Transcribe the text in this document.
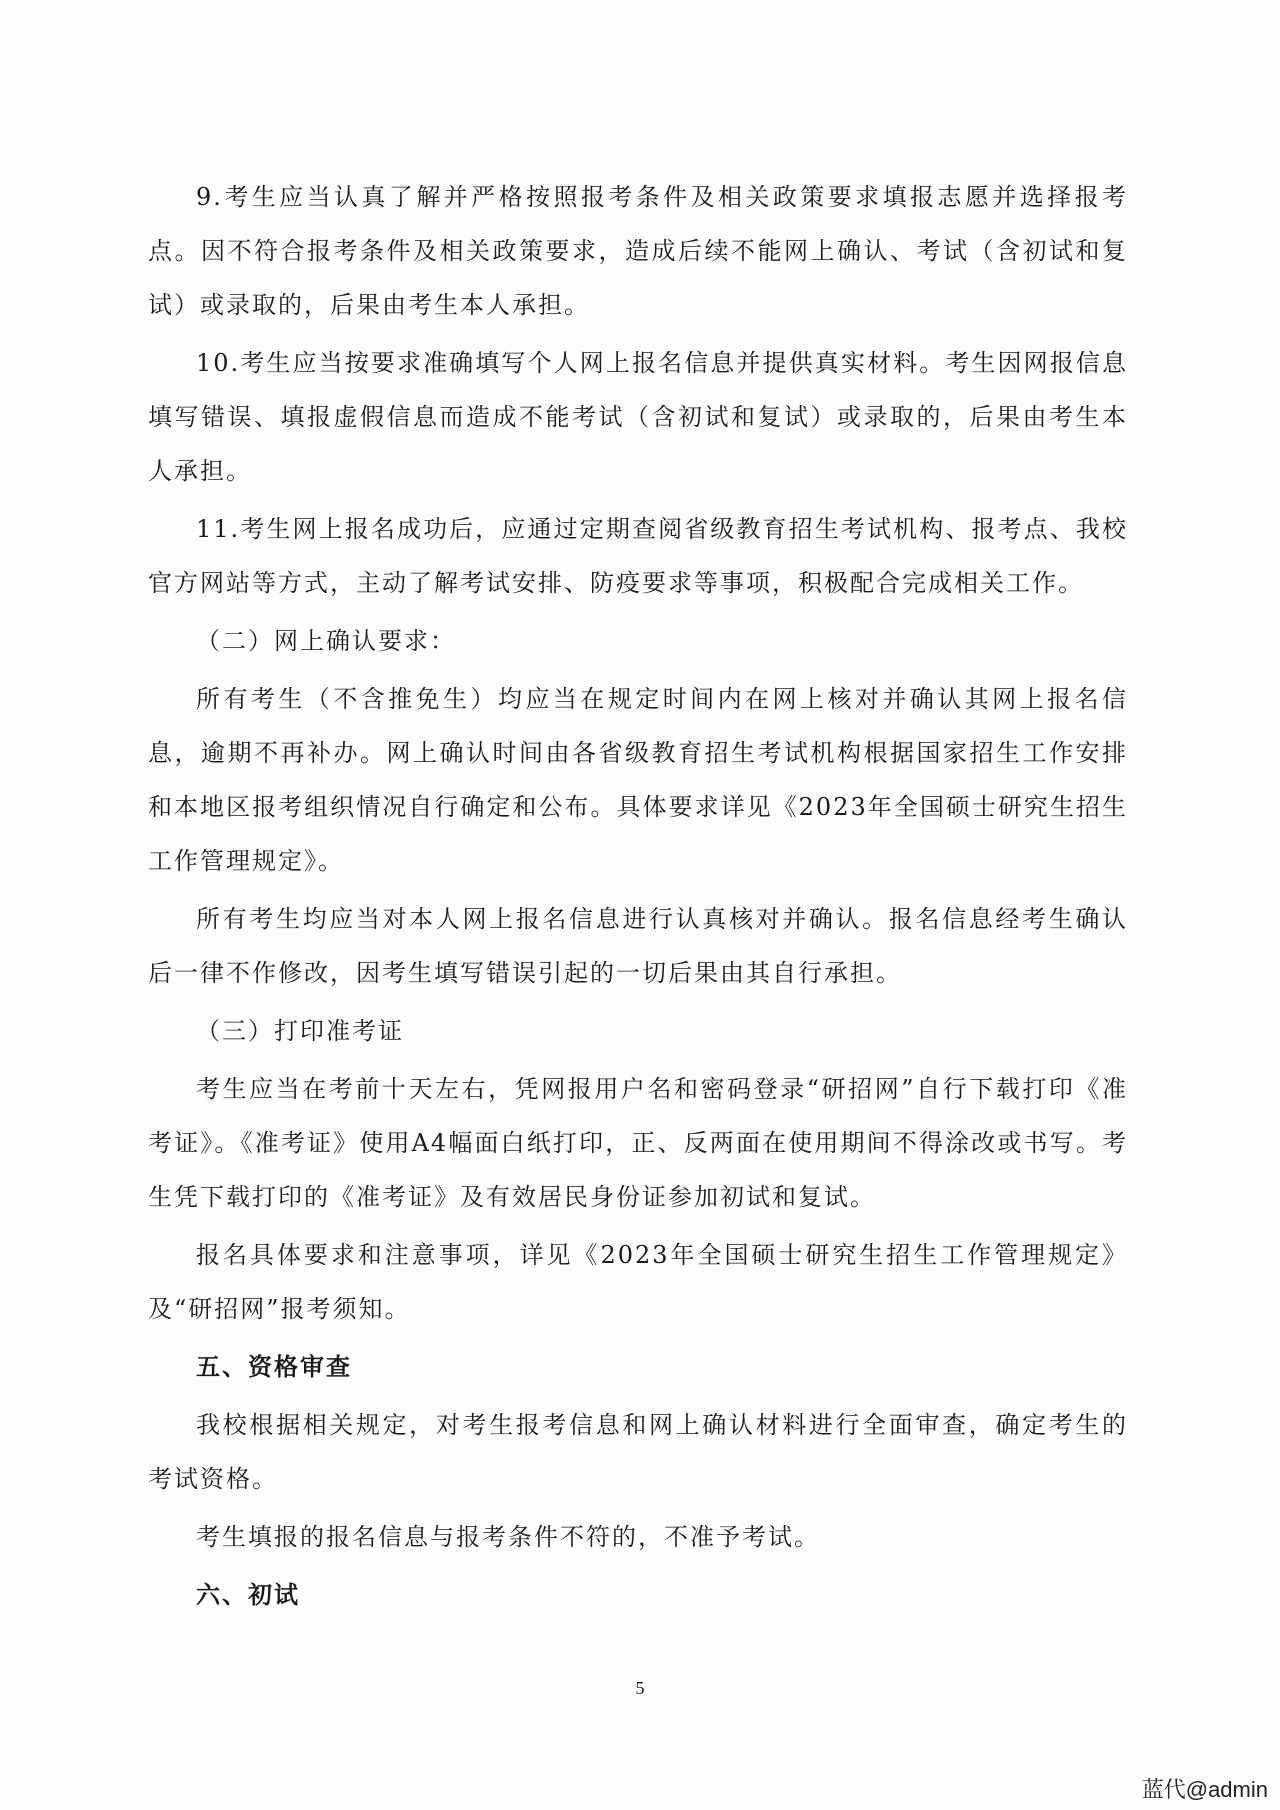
9.考生应当认真了解并严格按照报考条件及相关政策要求填报志愿并选择报考点。因不符合报考条件及相关政策要求，造成后续不能网上确认、考试（含初试和复试）或录取的，后果由考生本人承担。

10.考生应当按要求准确填写个人网上报名信息并提供真实材料。考生因网报信息填写错误、填报虚假信息而造成不能考试（含初试和复试）或录取的，后果由考生本人承担。

11.考生网上报名成功后，应通过定期查阅省级教育招生考试机构、报考点、我校官方网站等方式，主动了解考试安排、防疫要求等事项，积极配合完成相关工作。

（二）网上确认要求：

所有考生（不含推免生）均应当在规定时间内在网上核对并确认其网上报名信息，逾期不再补办。网上确认时间由各省级教育招生考试机构根据国家招生工作安排和本地区报考组织情况自行确定和公布。具体要求详见《2023年全国硕士研究生招生工作管理规定》。

所有考生均应当对本人网上报名信息进行认真核对并确认。报名信息经考生确认后一律不作修改，因考生填写错误引起的一切后果由其自行承担。

（三）打印准考证

考生应当在考前十天左右，凭网报用户名和密码登录“研招网”自行下载打印《准考证》。《准考证》使用A4幅面白纸打印，正、反两面在使用期间不得涂改或书写。考生凭下载打印的《准考证》及有效居民身份证参加初试和复试。

报名具体要求和注意事项，详见《2023年全国硕士研究生招生工作管理规定》及“研招网”报考须知。

五、资格审查

我校根据相关规定，对考生报考信息和网上确认材料进行全面审查，确定考生的考试资格。

考生填报的报名信息与报考条件不符的，不准予考试。

六、初试

5
蓝代@admin
